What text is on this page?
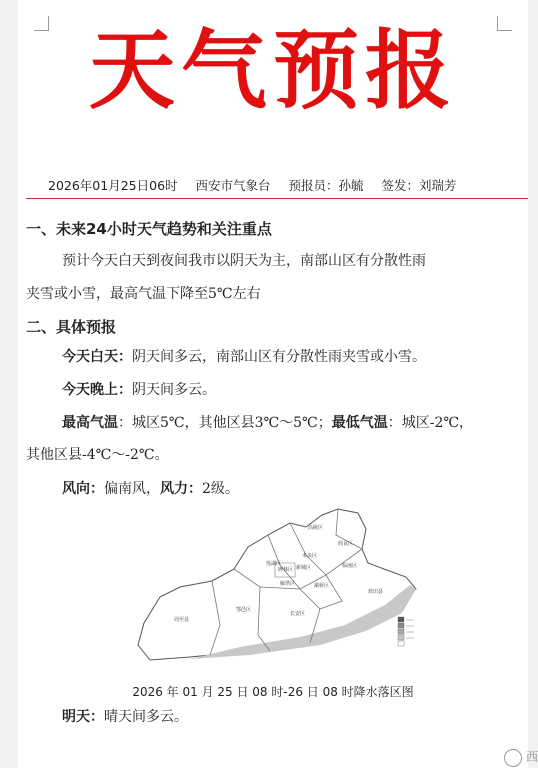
天气预报
2026年01月25日06时 西安市气象台 预报员：孙毓 签发：刘瑞芳
一、未来24小时天气趋势和关注重点
预计今天白天到夜间我市以阴天为主，南部山区有分散性雨
夹雪或小雪，最高气温下降至5℃左右
二、具体预报
今天白天：阴天间多云，南部山区有分散性雨夹雪或小雪。
今天晚上：阴天间多云。
最高气温：城区5℃，其他区县3℃～5℃；最低气温：城区-2℃，
其他区县-4℃～-2℃。
风向：偏南风，风力：2级。
高陵区
阎良区
临潼区
未央区
灞桥区
雁塔区
长安区
蓝田县
鄠邑区
周至县
新城区
碑林区
莲湖区
2026 年 01 月 25 日 08 时-26 日 08 时降水落区图
明天：晴天间多云。
西
